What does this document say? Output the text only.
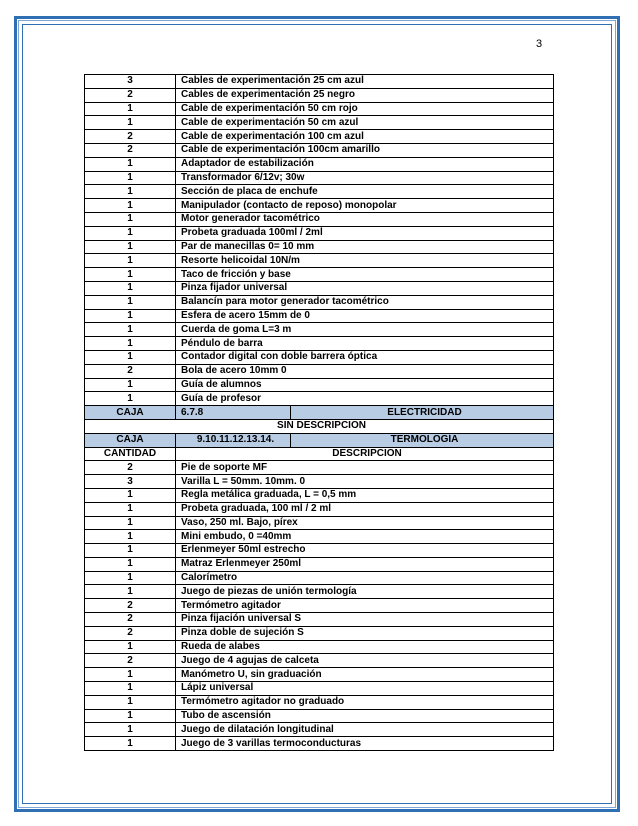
3
3	Cables de experimentación 25 cm azul	
2	Cables de experimentación 25 negro	
1	Cable de experimentación 50 cm rojo	
1	Cable de experimentación 50 cm azul	
2	Cable de experimentación 100 cm azul	
2	Cable de experimentación 100cm amarillo	
1	Adaptador de estabilización	
1	Transformador 6/12v; 30w	
1	Sección de placa de enchufe	
1	Manipulador (contacto de reposo) monopolar	
1	Motor generador tacométrico	
1	Probeta graduada 100ml / 2ml	
1	Par de manecillas 0= 10 mm	
1	Resorte helicoidal 10N/m	
1	Taco de fricción y base	
1	Pinza fijador universal	
1	Balancín para motor generador tacométrico	
1	Esfera de acero 15mm de 0	
1	Cuerda de goma L=3 m	
1	Péndulo de barra	
1	Contador digital con doble barrera óptica	
2	Bola de acero 10mm 0	
1	Guía de alumnos	
1	Guía de profesor	
CAJA	6.7.8	ELECTRICIDAD
SIN DESCRIPCION		
CAJA	9.10.11.12.13.14.	TERMOLOGÍA
CANTIDAD	DESCRIPCION	
2	Pie de soporte MF	
3	Varilla L = 50mm. 10mm. 0	
1	Regla metálica graduada, L = 0,5 mm	
1	Probeta graduada, 100 ml / 2 ml	
1	Vaso, 250 ml. Bajo, pírex	
1	Mini embudo, 0 =40mm	
1	Erlenmeyer 50ml estrecho	
1	Matraz Erlenmeyer 250ml	
1	Calorímetro	
1	Juego de piezas de unión termología	
2	Termómetro agitador	
2	Pinza fijación universal S	
2	Pinza doble de sujeción S	
1	Rueda de alabes	
2	Juego de 4 agujas de calceta	
1	Manómetro U, sin graduación	
1	Lápiz universal	
1	Termómetro agitador no graduado	
1	Tubo de ascensión	
1	Juego de dilatación longitudinal	
1	Juego de 3 varillas termoconducturas	
